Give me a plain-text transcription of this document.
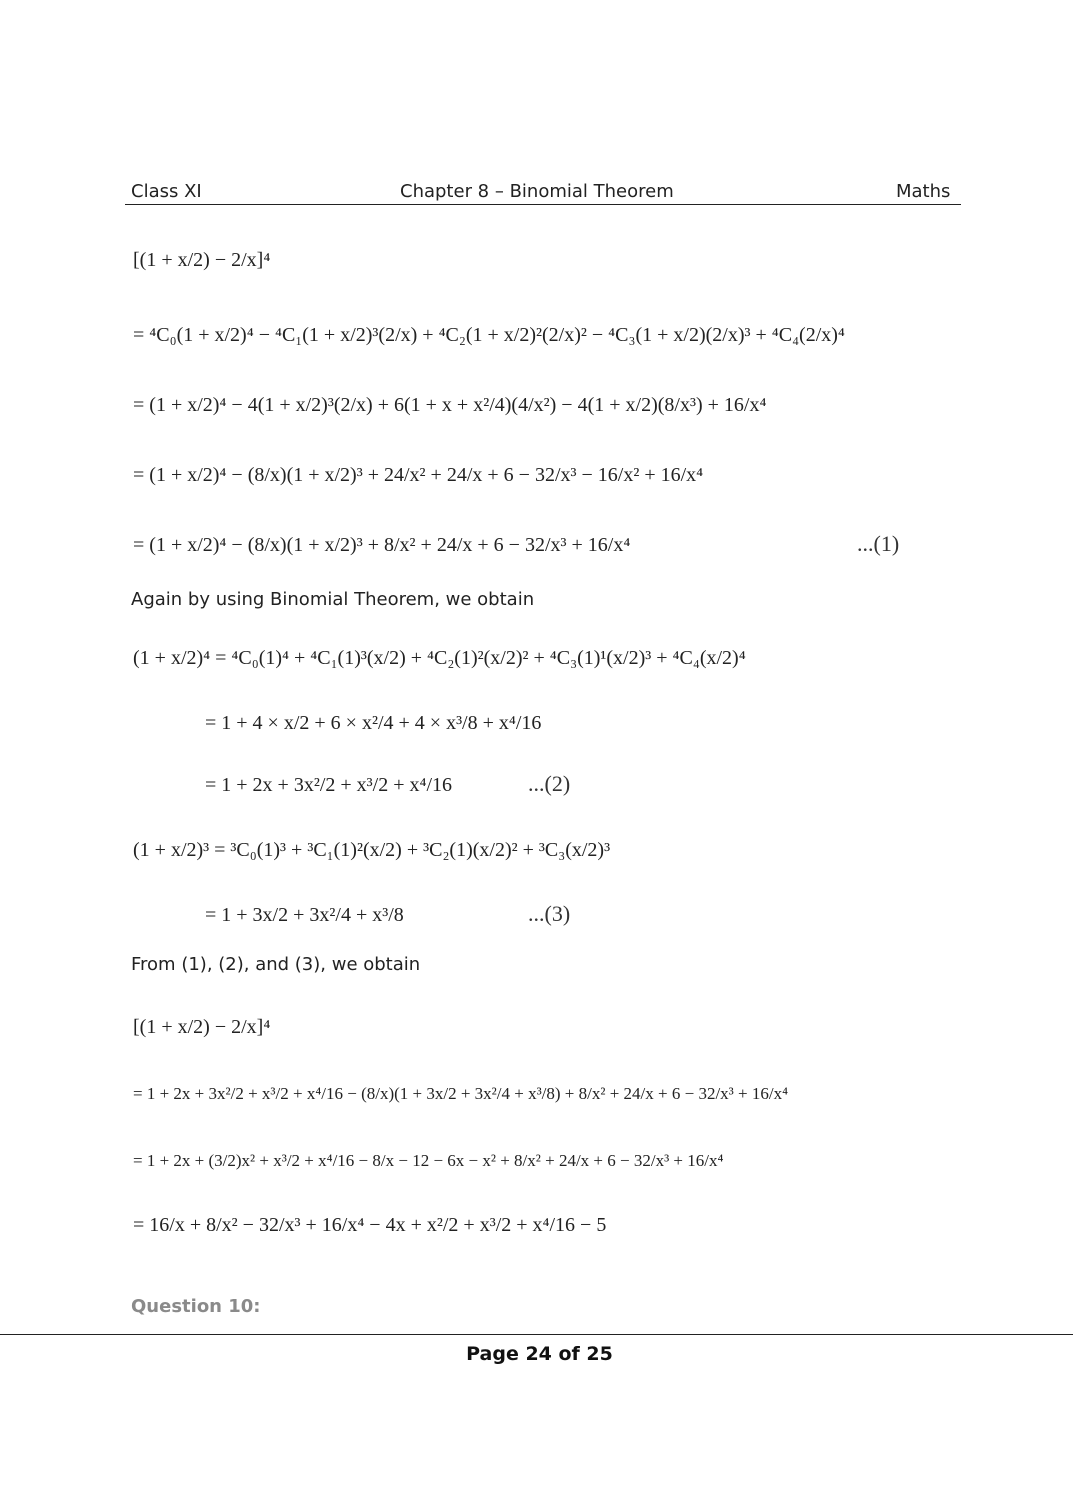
Class XI	Chapter 8 – Binomial Theorem	Maths
[(1 + x/2) − 2/x]⁴
= ⁴C₀(1 + x/2)⁴ − ⁴C₁(1 + x/2)³(2/x) + ⁴C₂(1 + x/2)²(2/x)² − ⁴C₃(1 + x/2)(2/x)³ + ⁴C₄(2/x)⁴
= (1 + x/2)⁴ − 4(1 + x/2)³(2/x) + 6(1 + x + x²/4)(4/x²) − 4(1 + x/2)(8/x³) + 16/x⁴
= (1 + x/2)⁴ − (8/x)(1 + x/2)³ + 24/x² + 24/x + 6 − 32/x³ − 16/x² + 16/x⁴
= (1 + x/2)⁴ − (8/x)(1 + x/2)³ + 8/x² + 24/x + 6 − 32/x³ + 16/x⁴	...(1)
Again by using Binomial Theorem, we obtain
(1 + x/2)⁴ = ⁴C₀(1)⁴ + ⁴C₁(1)³(x/2) + ⁴C₂(1)²(x/2)² + ⁴C₃(1)¹(x/2)³ + ⁴C₄(x/2)⁴
= 1 + 4 × x/2 + 6 × x²/4 + 4 × x³/8 + x⁴/16
= 1 + 2x + 3x²/2 + x³/2 + x⁴/16	...(2)
(1 + x/2)³ = ³C₀(1)³ + ³C₁(1)²(x/2) + ³C₂(1)(x/2)² + ³C₃(x/2)³
= 1 + 3x/2 + 3x²/4 + x³/8	...(3)
From (1), (2), and (3), we obtain
[(1 + x/2) − 2/x]⁴
= 1 + 2x + 3x²/2 + x³/2 + x⁴/16 − (8/x)(1 + 3x/2 + 3x²/4 + x³/8) + 8/x² + 24/x + 6 − 32/x³ + 16/x⁴
= 1 + 2x + (3/2)x² + x³/2 + x⁴/16 − 8/x − 12 − 6x − x² + 8/x² + 24/x + 6 − 32/x³ + 16/x⁴
= 16/x + 8/x² − 32/x³ + 16/x⁴ − 4x + x²/2 + x³/2 + x⁴/16 − 5
Question 10:
Page 24 of 25
